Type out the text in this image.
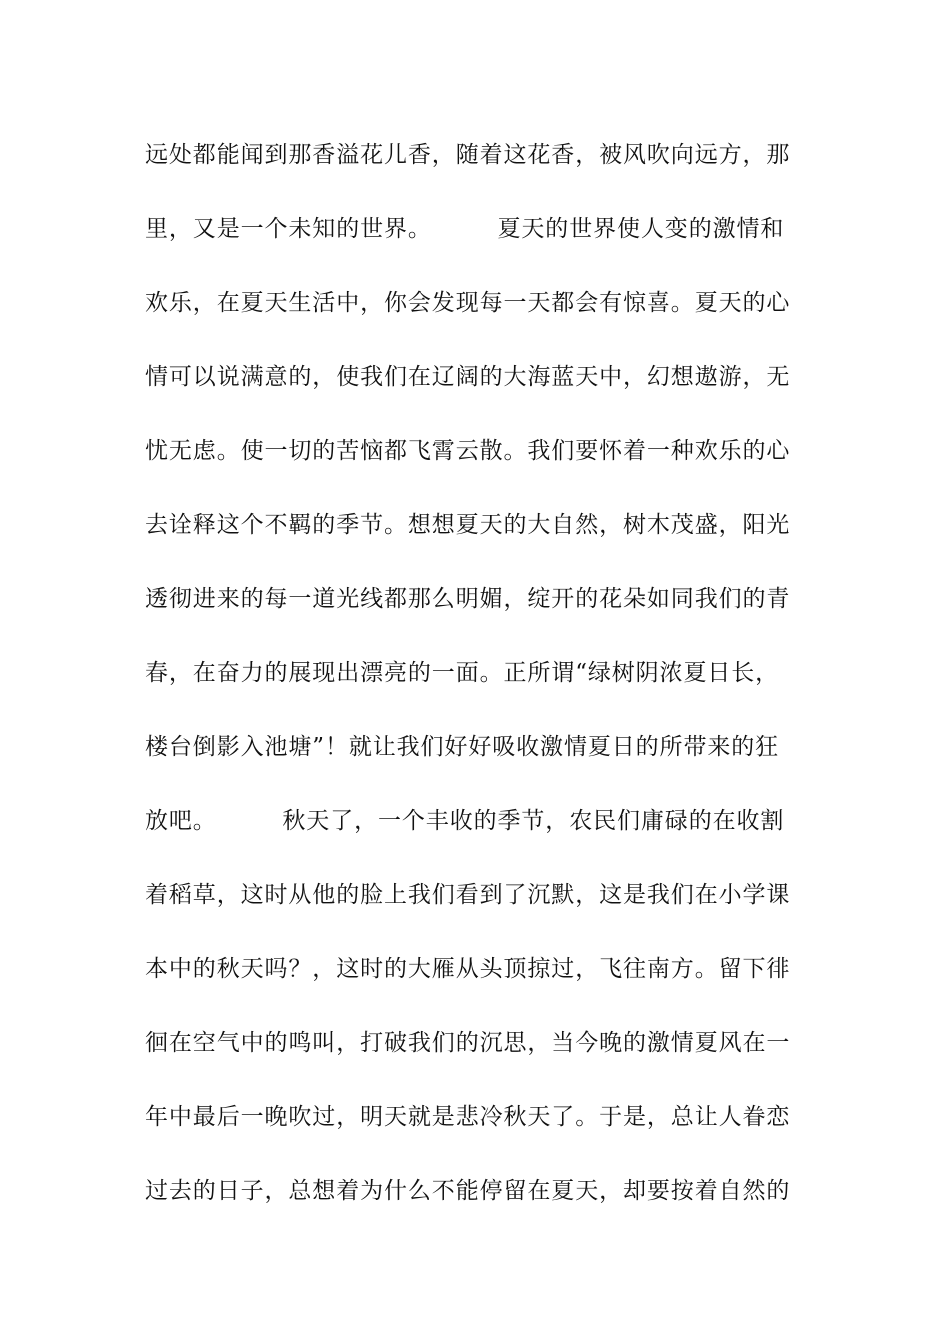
远处都能闻到那香溢花儿香，随着这花香，被风吹向远方，那
里，又是一个未知的世界。        夏天的世界使人变的激情和
欢乐，在夏天生活中，你会发现每一天都会有惊喜。夏天的心
情可以说满意的，使我们在辽阔的大海蓝天中，幻想遨游，无
忧无虑。使一切的苦恼都飞霄云散。我们要怀着一种欢乐的心
去诠释这个不羁的季节。想想夏天的大自然，树木茂盛，阳光
透彻进来的每一道光线都那么明媚，绽开的花朵如同我们的青
春，在奋力的展现出漂亮的一面。正所谓“绿树阴浓夏日长，
楼台倒影入池塘”！就让我们好好吸收激情夏日的所带来的狂
放吧。        秋天了，一个丰收的季节，农民们庸碌的在收割
着稻草，这时从他的脸上我们看到了沉默，这是我们在小学课
本中的秋天吗？，这时的大雁从头顶掠过，飞往南方。留下徘
徊在空气中的鸣叫，打破我们的沉思，当今晚的激情夏风在一
年中最后一晚吹过，明天就是悲冷秋天了。于是，总让人眷恋
过去的日子，总想着为什么不能停留在夏天，却要按着自然的
